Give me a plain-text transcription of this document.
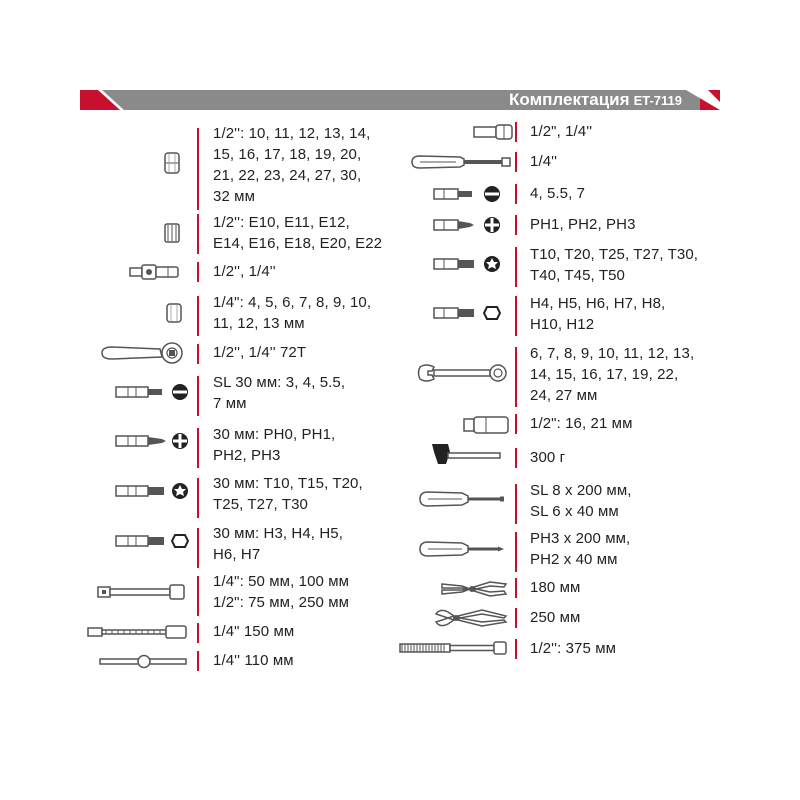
Комплектация ET-7119
1/2'': 10, 11, 12, 13, 14,
15, 16, 17, 18, 19, 20,
21, 22, 23, 24, 27, 30,
32 мм
1/2'': E10, E11, E12,
E14, E16, E18, E20, E22
1/2'', 1/4''
1/4": 4, 5, 6, 7, 8, 9, 10,
11, 12, 13 мм
1/2'', 1/4'' 72T
SL 30 мм: 3, 4, 5.5,
7 мм
30 мм: PH0, PH1,
PH2, PH3
30 мм: T10, T15, T20,
T25, T27, T30
30 мм: H3, H4, H5,
H6, H7
1/4": 50 мм, 100 мм
1/2": 75 мм, 250 мм
1/4" 150 мм
1/4'' 110 мм
1/2", 1/4''
1/4''
4, 5.5, 7
PH1, PH2, PH3
T10, T20, T25, T27, T30,
T40, T45, T50
H4, H5, H6, H7, H8,
H10, H12
6, 7, 8, 9, 10, 11, 12, 13,
14, 15, 16, 17, 19, 22,
24, 27 мм
1/2": 16, 21 мм
300 г
SL 8 x 200 мм,
SL 6 x 40 мм
PH3 x 200 мм,
PH2 x 40 мм
180 мм
250 мм
1/2'': 375 мм
